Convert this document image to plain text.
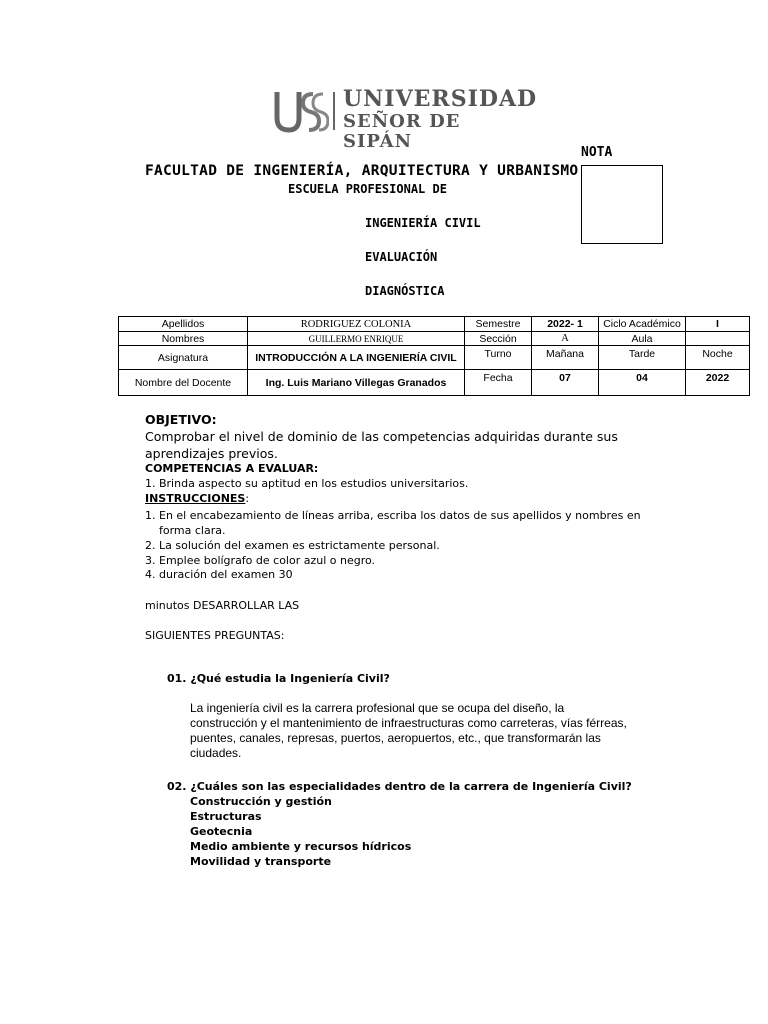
UNIVERSIDAD
SEÑOR DE SIPÁN
NOTA
FACULTAD DE INGENIERÍA, ARQUITECTURA Y URBANISMO
ESCUELA PROFESIONAL DE
INGENIERÍA CIVIL
EVALUACIÓN
DIAGNÓSTICA
Apellidos	RODRIGUEZ COLONIA	Semestre	2022- 1	Ciclo Académico	I
Nombres	GUILLERMO ENRIQUE	Sección	A	Aula	
Asignatura	INTRODUCCIÓN A LA INGENIERÍA CIVIL	Turno	Mañana	Tarde	Noche
Nombre del Docente	Ing. Luis Mariano Villegas Granados	Fecha	07	04	2022
OBJETIVO:
Comprobar el nivel de dominio de las competencias adquiridas durante sus aprendizajes previos.
COMPETENCIAS A EVALUAR:
1. Brinda aspecto su aptitud en los estudios universitarios.
INSTRUCCIONES:
1. En el encabezamiento de líneas arriba, escriba los datos de sus apellidos y nombres en forma clara.
2. La solución del examen es estrictamente personal.
3. Emplee bolígrafo de color azul o negro.
4. duración del examen 30
minutos DESARROLLAR LAS
SIGUIENTES PREGUNTAS:
01. ¿Qué estudia la Ingeniería Civil?
La ingeniería civil es la carrera profesional que se ocupa del diseño, la construcción y el mantenimiento de infraestructuras como carreteras, vías férreas, puentes, canales, represas, puertos, aeropuertos, etc., que transformarán las ciudades.
02. ¿Cuáles son las especialidades dentro de la carrera de Ingeniería Civil?
Construcción y gestión
Estructuras
Geotecnia
Medio ambiente y recursos hídricos
Movilidad y transporte
